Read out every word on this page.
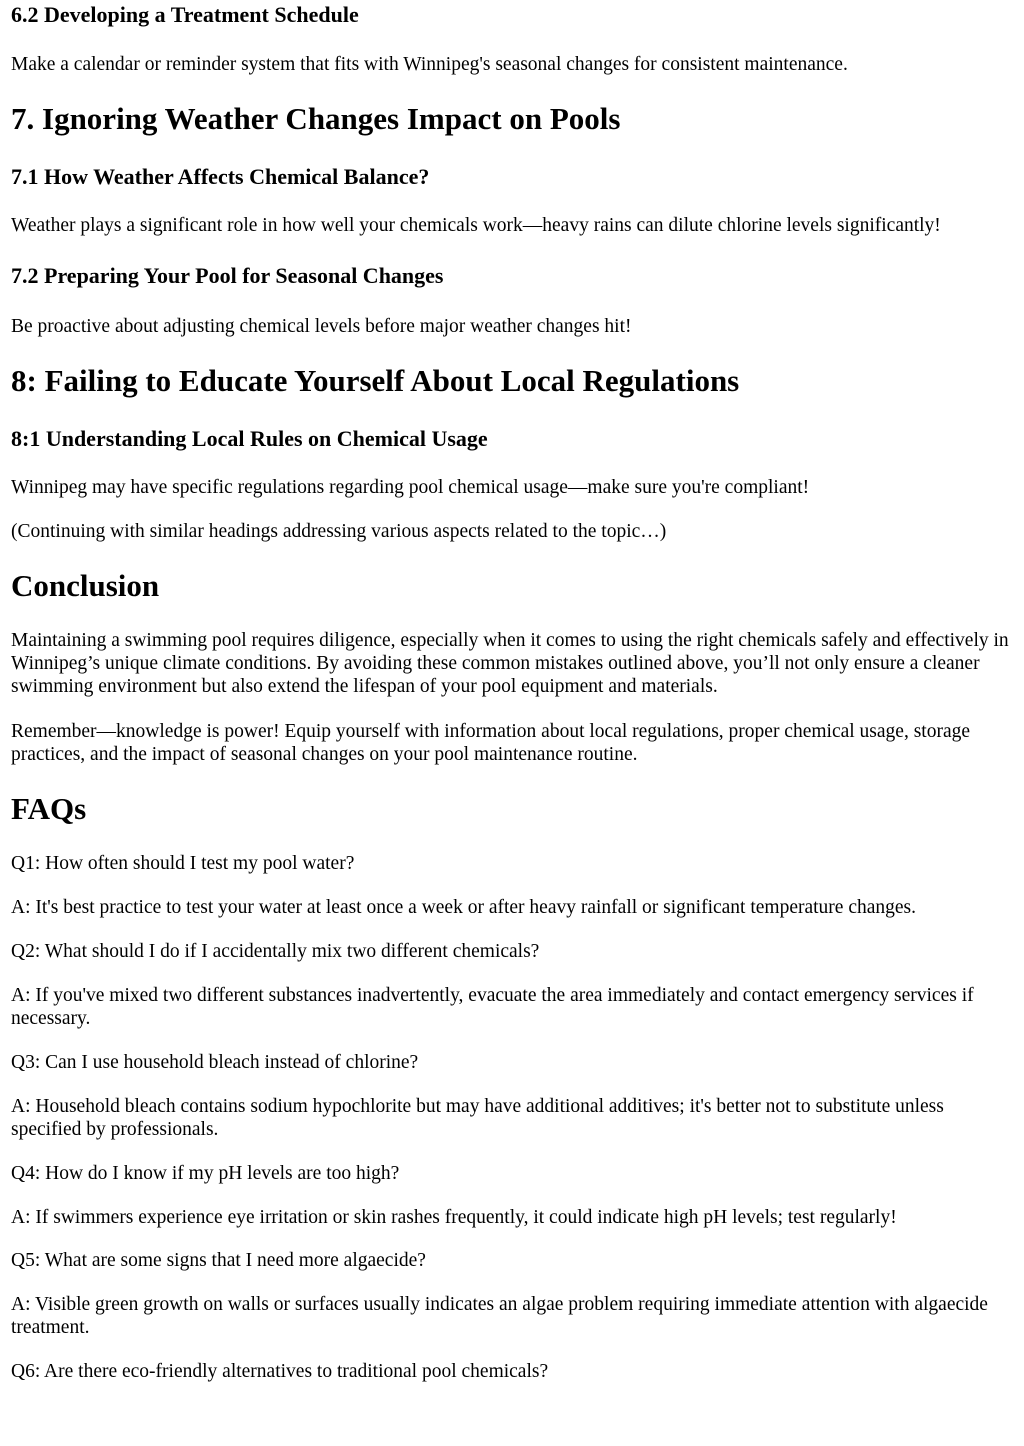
6.2 Developing a Treatment Schedule

Make a calendar or reminder system that fits with Winnipeg's seasonal changes for consistent maintenance.

7. Ignoring Weather Changes Impact on Pools
7.1 How Weather Affects Chemical Balance?

Weather plays a significant role in how well your chemicals work—heavy rains can dilute chlorine levels significantly!

7.2 Preparing Your Pool for Seasonal Changes

Be proactive about adjusting chemical levels before major weather changes hit!

8: Failing to Educate Yourself About Local Regulations
8:1 Understanding Local Rules on Chemical Usage

Winnipeg may have specific regulations regarding pool chemical usage—make sure you're compliant!

(Continuing with similar headings addressing various aspects related to the topic…)

Conclusion

Maintaining a swimming pool requires diligence, especially when it comes to using the right chemicals safely and effectively in Winnipeg’s unique climate conditions. By avoiding these common mistakes outlined above, you’ll not only ensure a cleaner swimming environment but also extend the lifespan of your pool equipment and materials.

Remember—knowledge is power! Equip yourself with information about local regulations, proper chemical usage, storage practices, and the impact of seasonal changes on your pool maintenance routine.

FAQs

Q1: How often should I test my pool water?

A: It's best practice to test your water at least once a week or after heavy rainfall or significant temperature changes.

Q2: What should I do if I accidentally mix two different chemicals?

A: If you've mixed two different substances inadvertently, evacuate the area immediately and contact emergency services if necessary.

Q3: Can I use household bleach instead of chlorine?

A: Household bleach contains sodium hypochlorite but may have additional additives; it's better not to substitute unless specified by professionals.

Q4: How do I know if my pH levels are too high?

A: If swimmers experience eye irritation or skin rashes frequently, it could indicate high pH levels; test regularly!

Q5: What are some signs that I need more algaecide?

A: Visible green growth on walls or surfaces usually indicates an algae problem requiring immediate attention with algaecide treatment.

Q6: Are there eco-friendly alternatives to traditional pool chemicals?
